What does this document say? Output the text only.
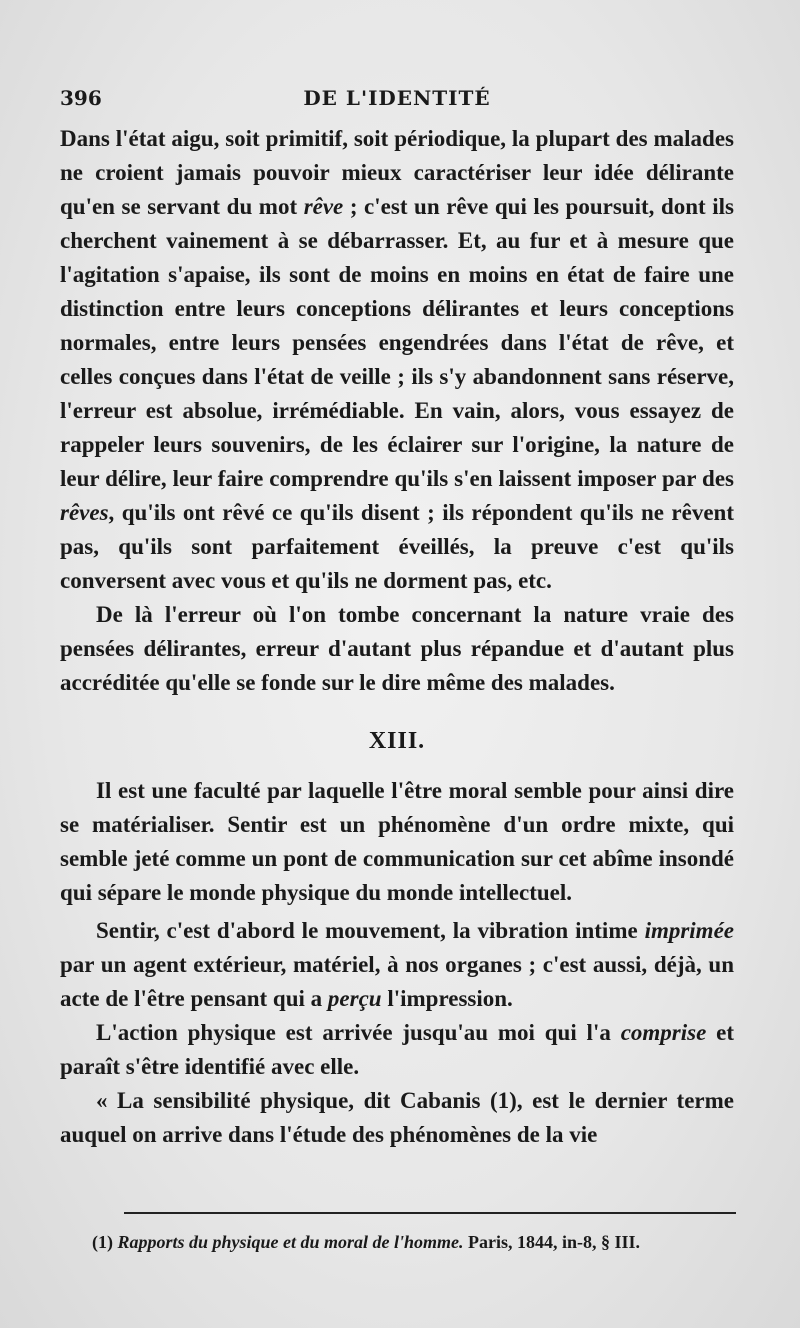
396	DE L'IDENTITÉ

Dans l'état aigu, soit primitif, soit périodique, la plupart des malades ne croient jamais pouvoir mieux caractériser leur idée délirante qu'en se servant du mot rêve ; c'est un rêve qui les poursuit, dont ils cherchent vainement à se débarrasser. Et, au fur et à mesure que l'agitation s'apaise, ils sont de moins en moins en état de faire une distinction entre leurs conceptions délirantes et leurs conceptions normales, entre leurs pensées engendrées dans l'état de rêve, et celles conçues dans l'état de veille ; ils s'y abandonnent sans réserve, l'erreur est absolue, irrémédiable. En vain, alors, vous essayez de rappeler leurs souvenirs, de les éclairer sur l'origine, la nature de leur délire, leur faire comprendre qu'ils s'en laissent imposer par des rêves, qu'ils ont rêvé ce qu'ils disent ; ils répondent qu'ils ne rêvent pas, qu'ils sont parfaitement éveillés, la preuve c'est qu'ils conversent avec vous et qu'ils ne dorment pas, etc.

De là l'erreur où l'on tombe concernant la nature vraie des pensées délirantes, erreur d'autant plus répandue et d'autant plus accréditée qu'elle se fonde sur le dire même des malades.

XIII.

Il est une faculté par laquelle l'être moral semble pour ainsi dire se matérialiser. Sentir est un phénomène d'un ordre mixte, qui semble jeté comme un pont de communication sur cet abîme insondé qui sépare le monde physique du monde intellectuel.

Sentir, c'est d'abord le mouvement, la vibration intime imprimée par un agent extérieur, matériel, à nos organes ; c'est aussi, déjà, un acte de l'être pensant qui a perçu l'impression.

L'action physique est arrivée jusqu'au moi qui l'a comprise et paraît s'être identifié avec elle.

« La sensibilité physique, dit Cabanis (1), est le dernier terme auquel on arrive dans l'étude des phénomènes de la vie

(1) Rapports du physique et du moral de l'homme. Paris, 1844, in-8, § III.
